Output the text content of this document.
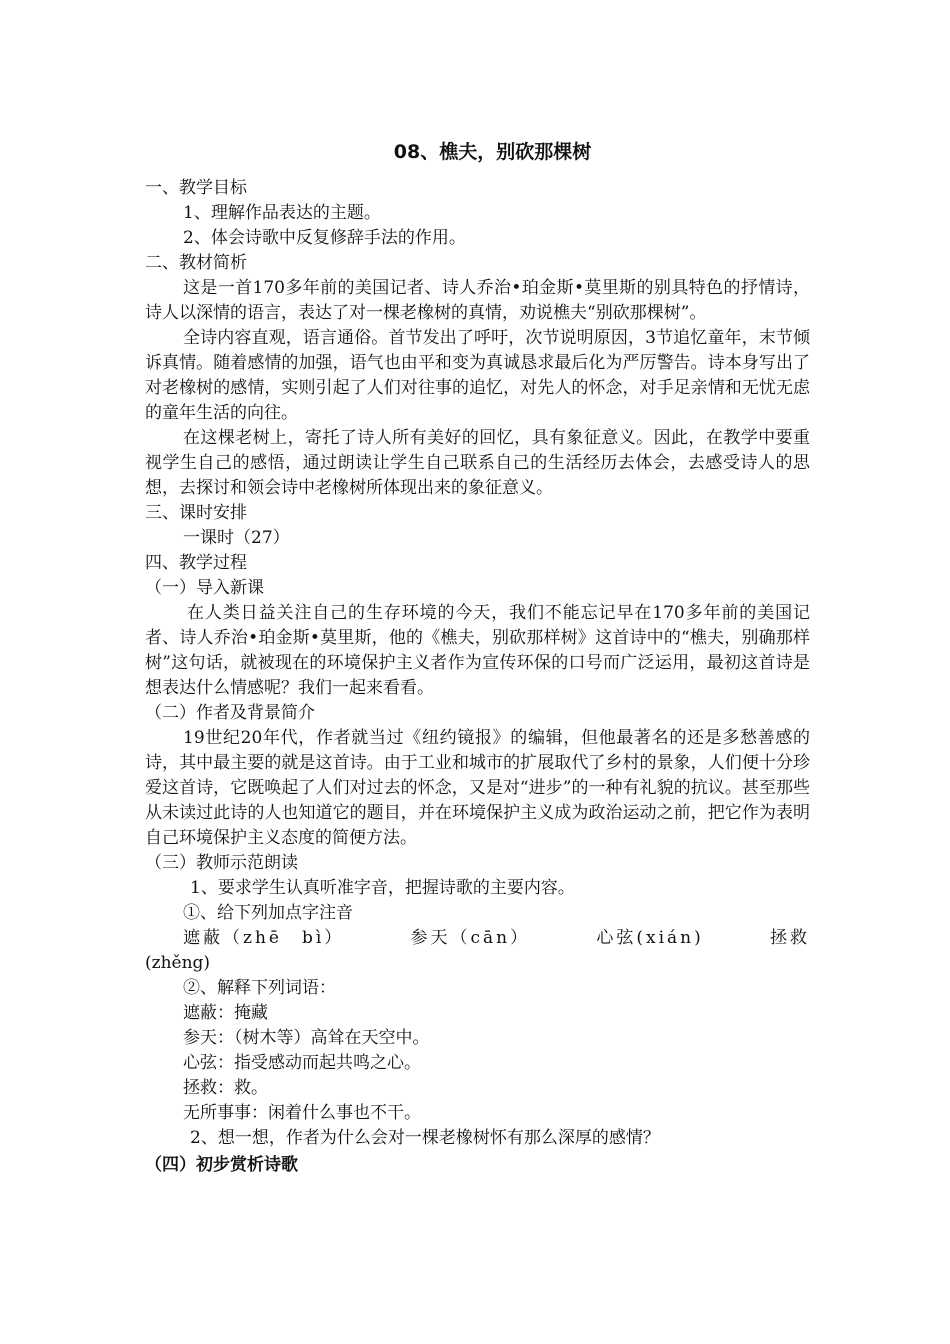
08、樵夫，别砍那棵树

一、教学目标

1、理解作品表达的主题。

2、体会诗歌中反复修辞手法的作用。

二、教材简析

这是一首170多年前的美国记者、诗人乔治•珀金斯•莫里斯的别具特色的抒情诗，诗人以深情的语言，表达了对一棵老橡树的真情，劝说樵夫“别砍那棵树”。

全诗内容直观，语言通俗。首节发出了呼吁，次节说明原因，3节追忆童年，末节倾诉真情。随着感情的加强，语气也由平和变为真诚恳求最后化为严厉警告。诗本身写出了对老橡树的感情，实则引起了人们对往事的追忆，对先人的怀念，对手足亲情和无忧无虑的童年生活的向往。

在这棵老树上，寄托了诗人所有美好的回忆，具有象征意义。因此，在教学中要重视学生自己的感悟，通过朗读让学生自己联系自己的生活经历去体会，去感受诗人的思想，去探讨和领会诗中老橡树所体现出来的象征意义。

三、课时安排

一课时（27）

四、教学过程

（一）导入新课

在人类日益关注自己的生存环境的今天，我们不能忘记早在170多年前的美国记者、诗人乔治•珀金斯•莫里斯，他的《樵夫，别砍那样树》这首诗中的“樵夫，别确那样树”这句话，就被现在的环境保护主义者作为宣传环保的口号而广泛运用，最初这首诗是想表达什么情感呢？我们一起来看看。

（二）作者及背景简介

19世纪20年代，作者就当过《纽约镜报》的编辑，但他最著名的还是多愁善感的诗，其中最主要的就是这首诗。由于工业和城市的扩展取代了乡村的景象，人们便十分珍爱这首诗，它既唤起了人们对过去的怀念，又是对“进步”的一种有礼貌的抗议。甚至那些从未读过此诗的人也知道它的题目，并在环境保护主义成为政治运动之前，把它作为表明自己环境保护主义态度的简便方法。

（三）教师示范朗读

1、要求学生认真听准字音，把握诗歌的主要内容。

①、给下列加点字注音

遮蔽（zhē　bì）	参天（cān）	心弦(xián)	拯救

(zhěng)

②、解释下列词语：

遮蔽：掩藏

参天：（树木等）高耸在天空中。

心弦：指受感动而起共鸣之心。

拯救：救。

无所事事：闲着什么事也不干。

2、想一想，作者为什么会对一棵老橡树怀有那么深厚的感情？

（四）初步赏析诗歌
